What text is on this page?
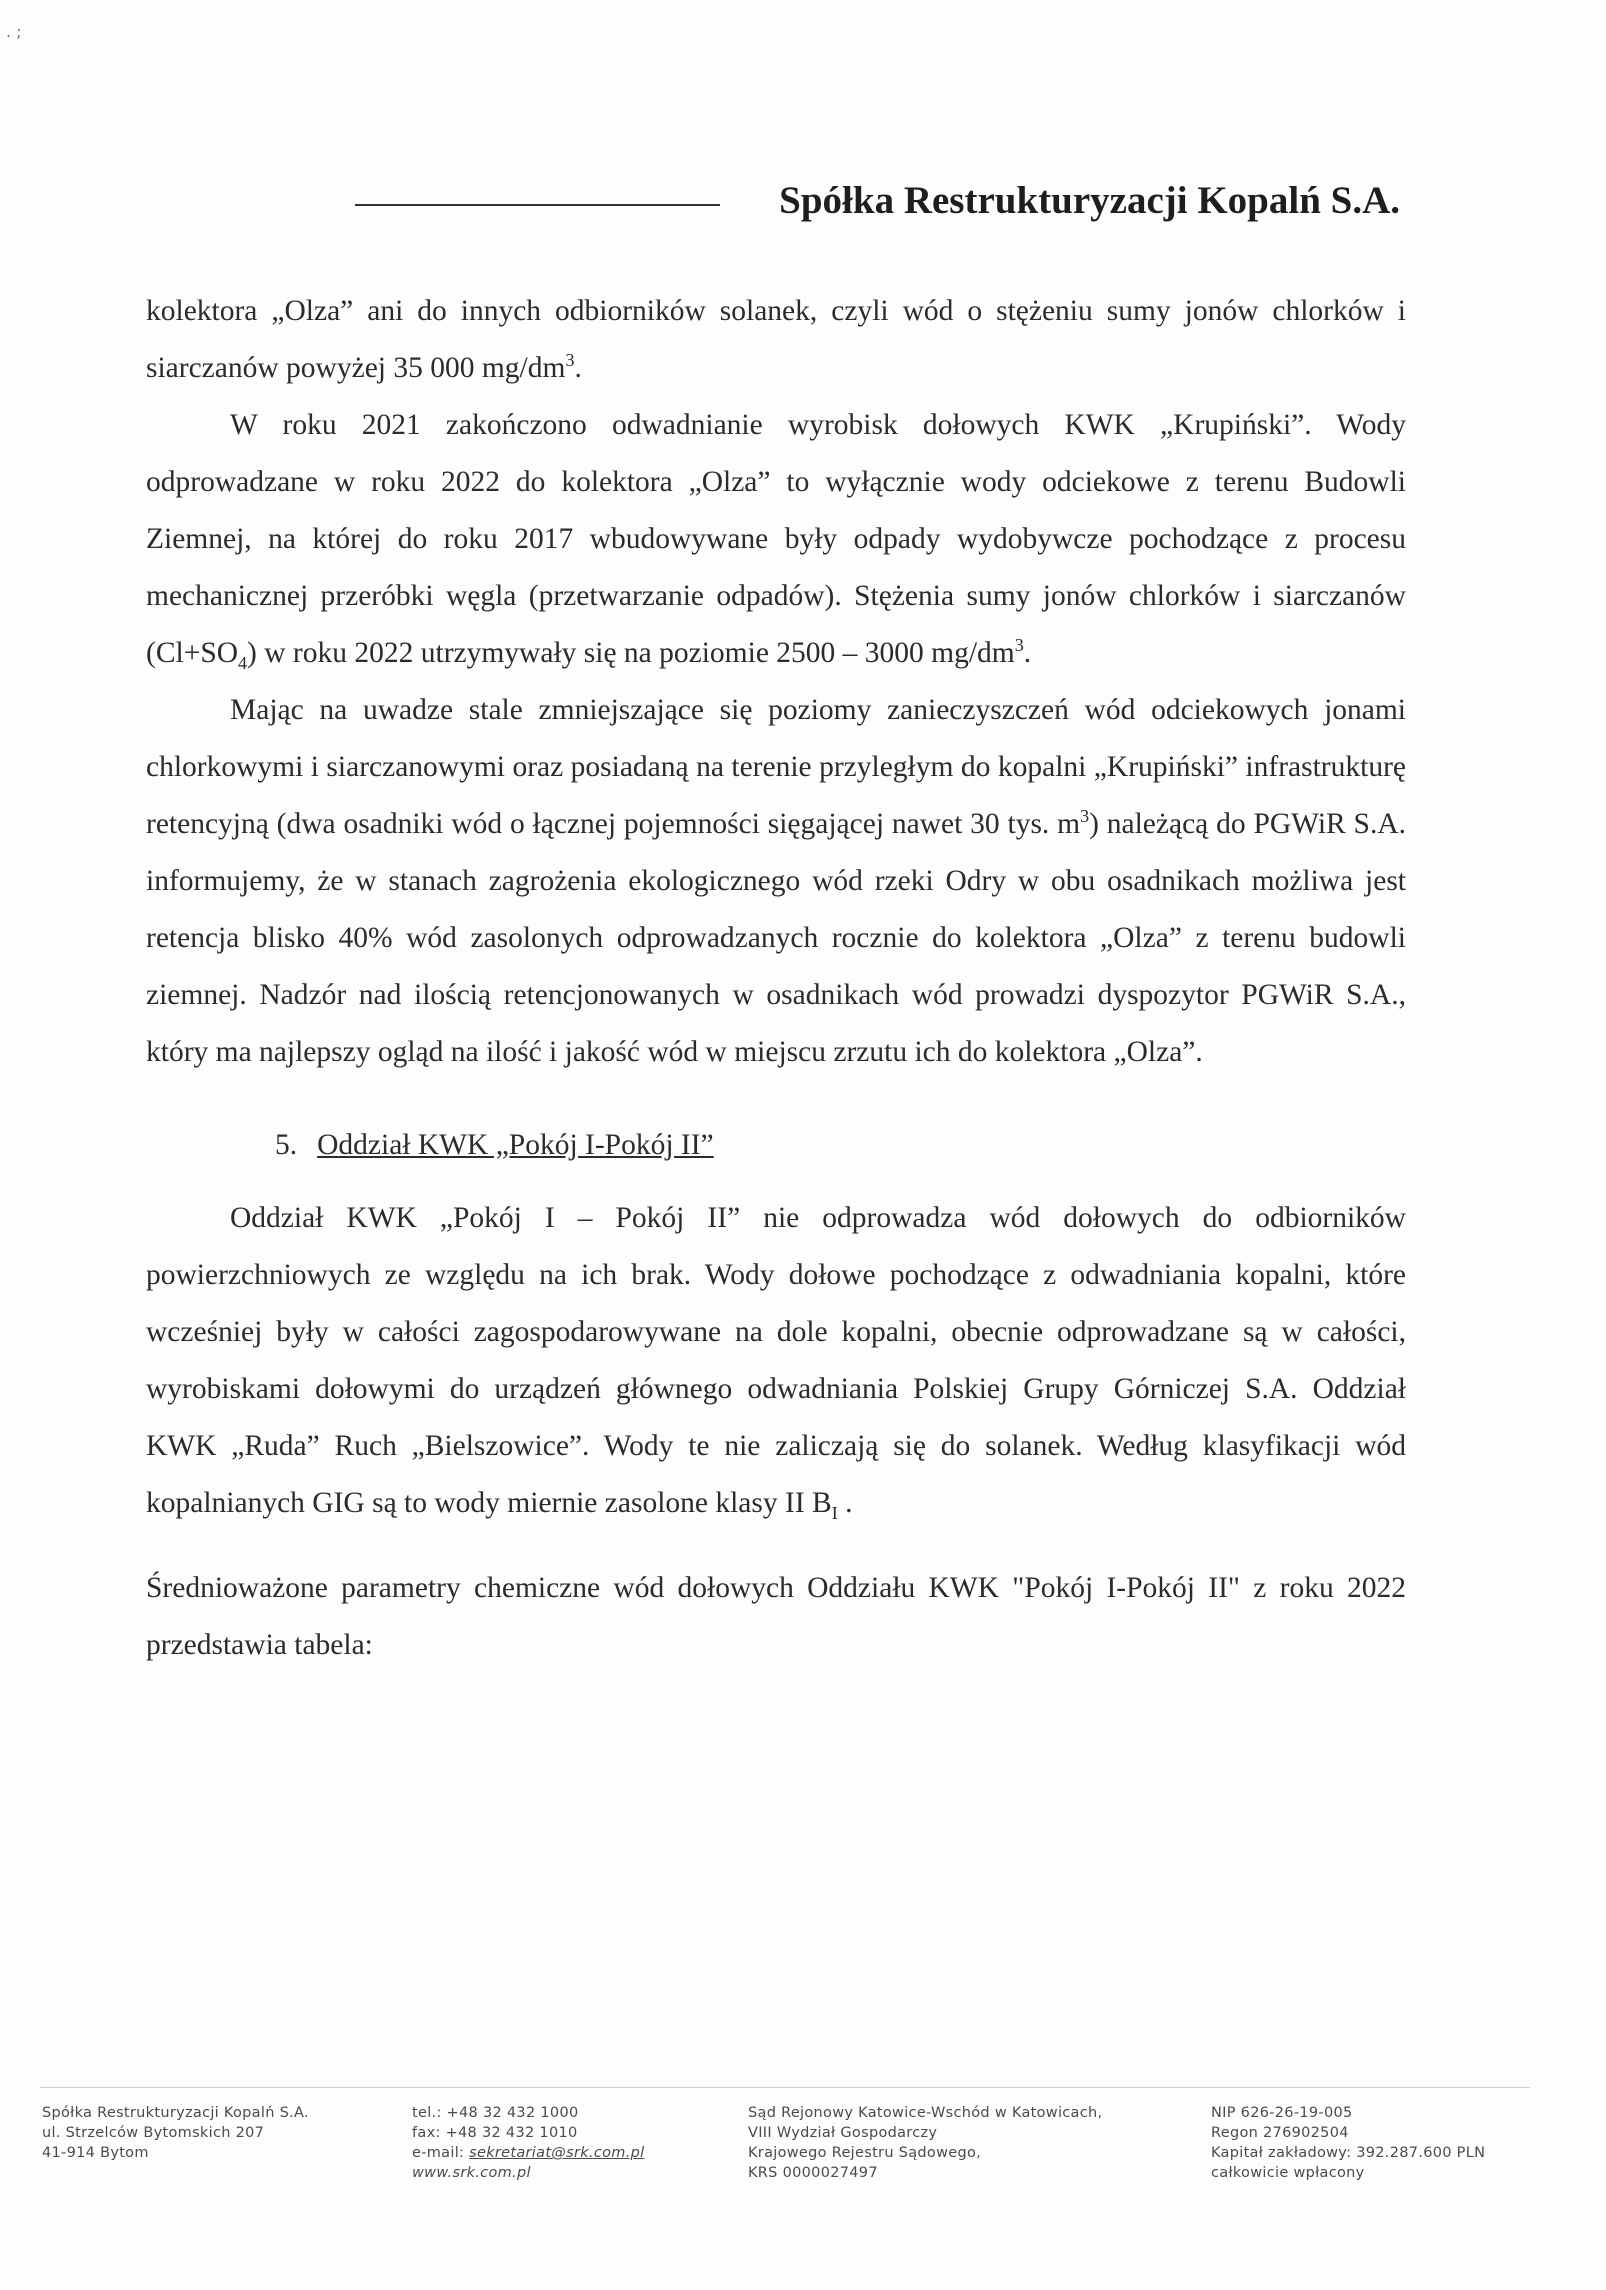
. ;
Spółka Restrukturyzacji Kopalń S.A.

kolektora „Olza” ani do innych odbiorników solanek, czyli wód o stężeniu sumy jonów chlorków i siarczanów powyżej 35 000 $mg/dm^3$.

W roku 2021 zakończono odwadnianie wyrobisk dołowych KWK „Krupiński”. Wody odprowadzane w roku 2022 do kolektora „Olza” to wyłącznie wody odciekowe z terenu Budowli Ziemnej, na której do roku 2017 wbudowywane były odpady wydobywcze pochodzące z procesu mechanicznej przeróbki węgla (przetwarzanie odpadów). Stężenia sumy jonów chlorków i siarczanów $(Cl+SO_4)$ w roku 2022 utrzymywały się na poziomie 2500 – 3000 $mg/dm^3$.

Mając na uwadze stale zmniejszające się poziomy zanieczyszczeń wód odciekowych jonami chlorkowymi i siarczanowymi oraz posiadaną na terenie przyległym do kopalni „Krupiński” infrastrukturę retencyjną (dwa osadniki wód o łącznej pojemności sięgającej nawet 30 tys. $m^3$) należącą do PGWiR S.A. informujemy, że w stanach zagrożenia ekologicznego wód rzeki Odry w obu osadnikach możliwa jest retencja blisko 40% wód zasolonych odprowadzanych rocznie do kolektora „Olza” z terenu budowli ziemnej. Nadzór nad ilością retencjonowanych w osadnikach wód prowadzi dyspozytor PGWiR S.A., który ma najlepszy ogląd na ilość i jakość wód w miejscu zrzutu ich do kolektora „Olza”.

5. Oddział KWK „Pokój I-Pokój II”

Oddział KWK „Pokój I – Pokój II” nie odprowadza wód dołowych do odbiorników powierzchniowych ze względu na ich brak. Wody dołowe pochodzące z odwadniania kopalni, które wcześniej były w całości zagospodarowywane na dole kopalni, obecnie odprowadzane są w całości, wyrobiskami dołowymi do urządzeń głównego odwadniania Polskiej Grupy Górniczej S.A. Oddział KWK „Ruda” Ruch „Bielszowice”. Wody te nie zaliczają się do solanek. Według klasyfikacji wód kopalnianych GIG są to wody miernie zasolone klasy II $B_I$ .

Średnioważone parametry chemiczne wód dołowych Oddziału KWK "Pokój I-Pokój II" z roku 2022 przedstawia tabela:

Spółka Restrukturyzacji Kopalń S.A.
ul. Strzelców Bytomskich 207
41-914 Bytom
tel.: +48 32 432 1000
fax: +48 32 432 1010
e-mail: sekretariat@srk.com.pl
www.srk.com.pl
Sąd Rejonowy Katowice-Wschód w Katowicach,
VIII Wydział Gospodarczy
Krajowego Rejestru Sądowego,
KRS 0000027497
NIP 626-26-19-005
Regon 276902504
Kapitał zakładowy: 392.287.600 PLN
całkowicie wpłacony
